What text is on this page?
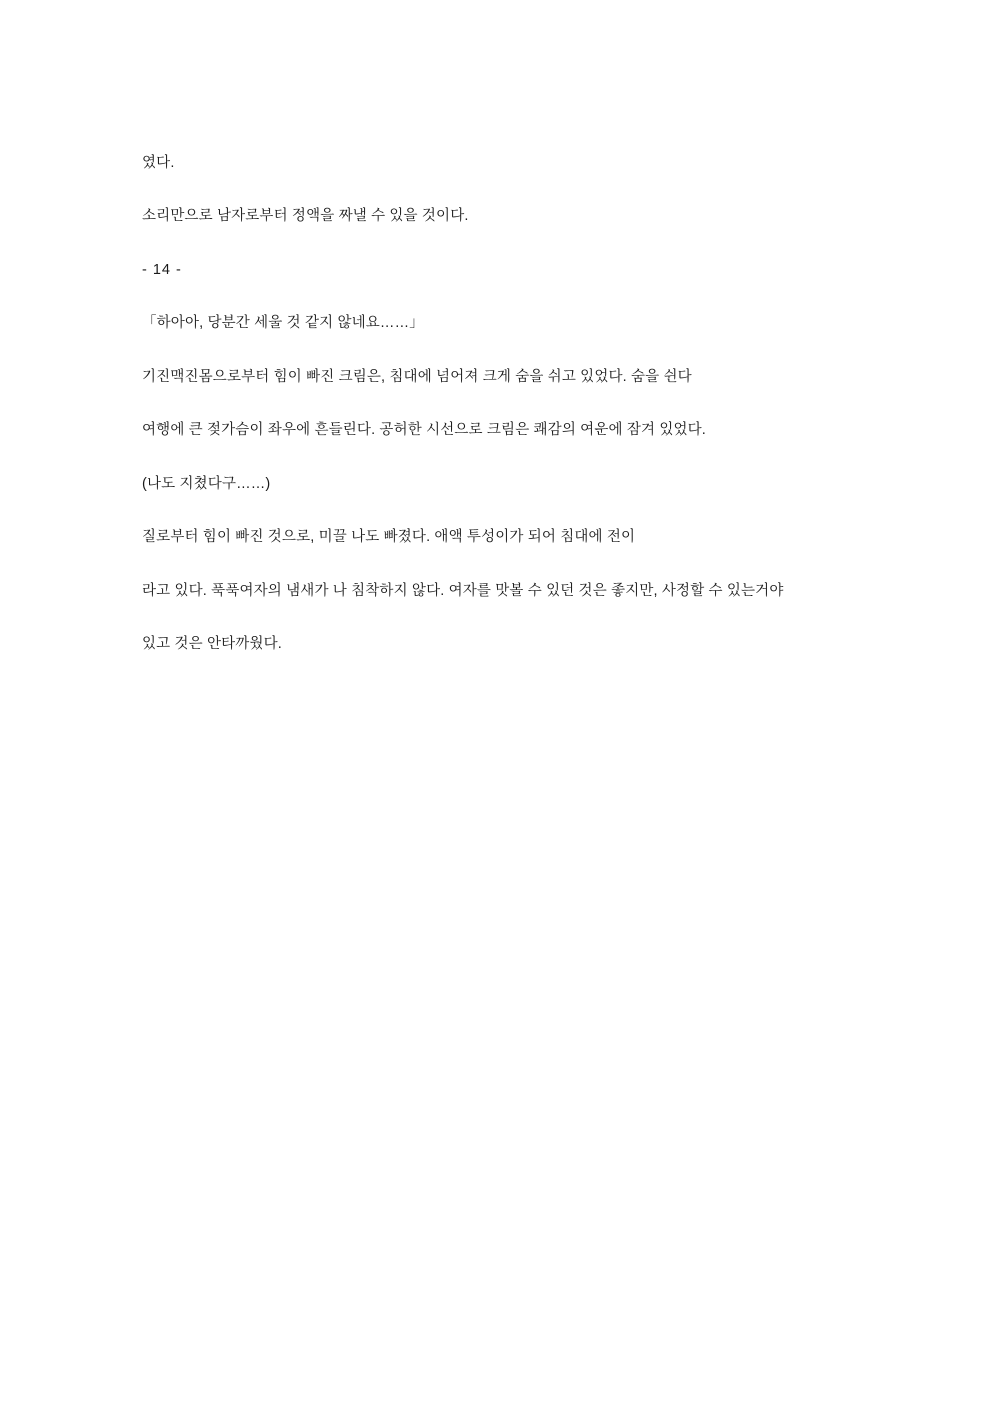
였다.

소리만으로 남자로부터 정액을 짜낼 수 있을 것이다.

- 14 -

「하아아, 당분간 세울 것 같지 않네요……」

기진맥진몸으로부터 힘이 빠진 크림은, 침대에 넘어져 크게 숨을 쉬고 있었다. 숨을 쉰다

여행에 큰 젖가슴이 좌우에 흔들린다. 공허한 시선으로 크림은 쾌감의 여운에 잠겨 있었다.

(나도 지쳤다구……)

질로부터 힘이 빠진 것으로, 미끌 나도 빠졌다. 애액 투성이가 되어 침대에 전이

라고 있다. 푹푹여자의 냄새가 나 침착하지 않다. 여자를 맛볼 수 있던 것은 좋지만, 사정할 수 있는거야

있고 것은 안타까웠다.
